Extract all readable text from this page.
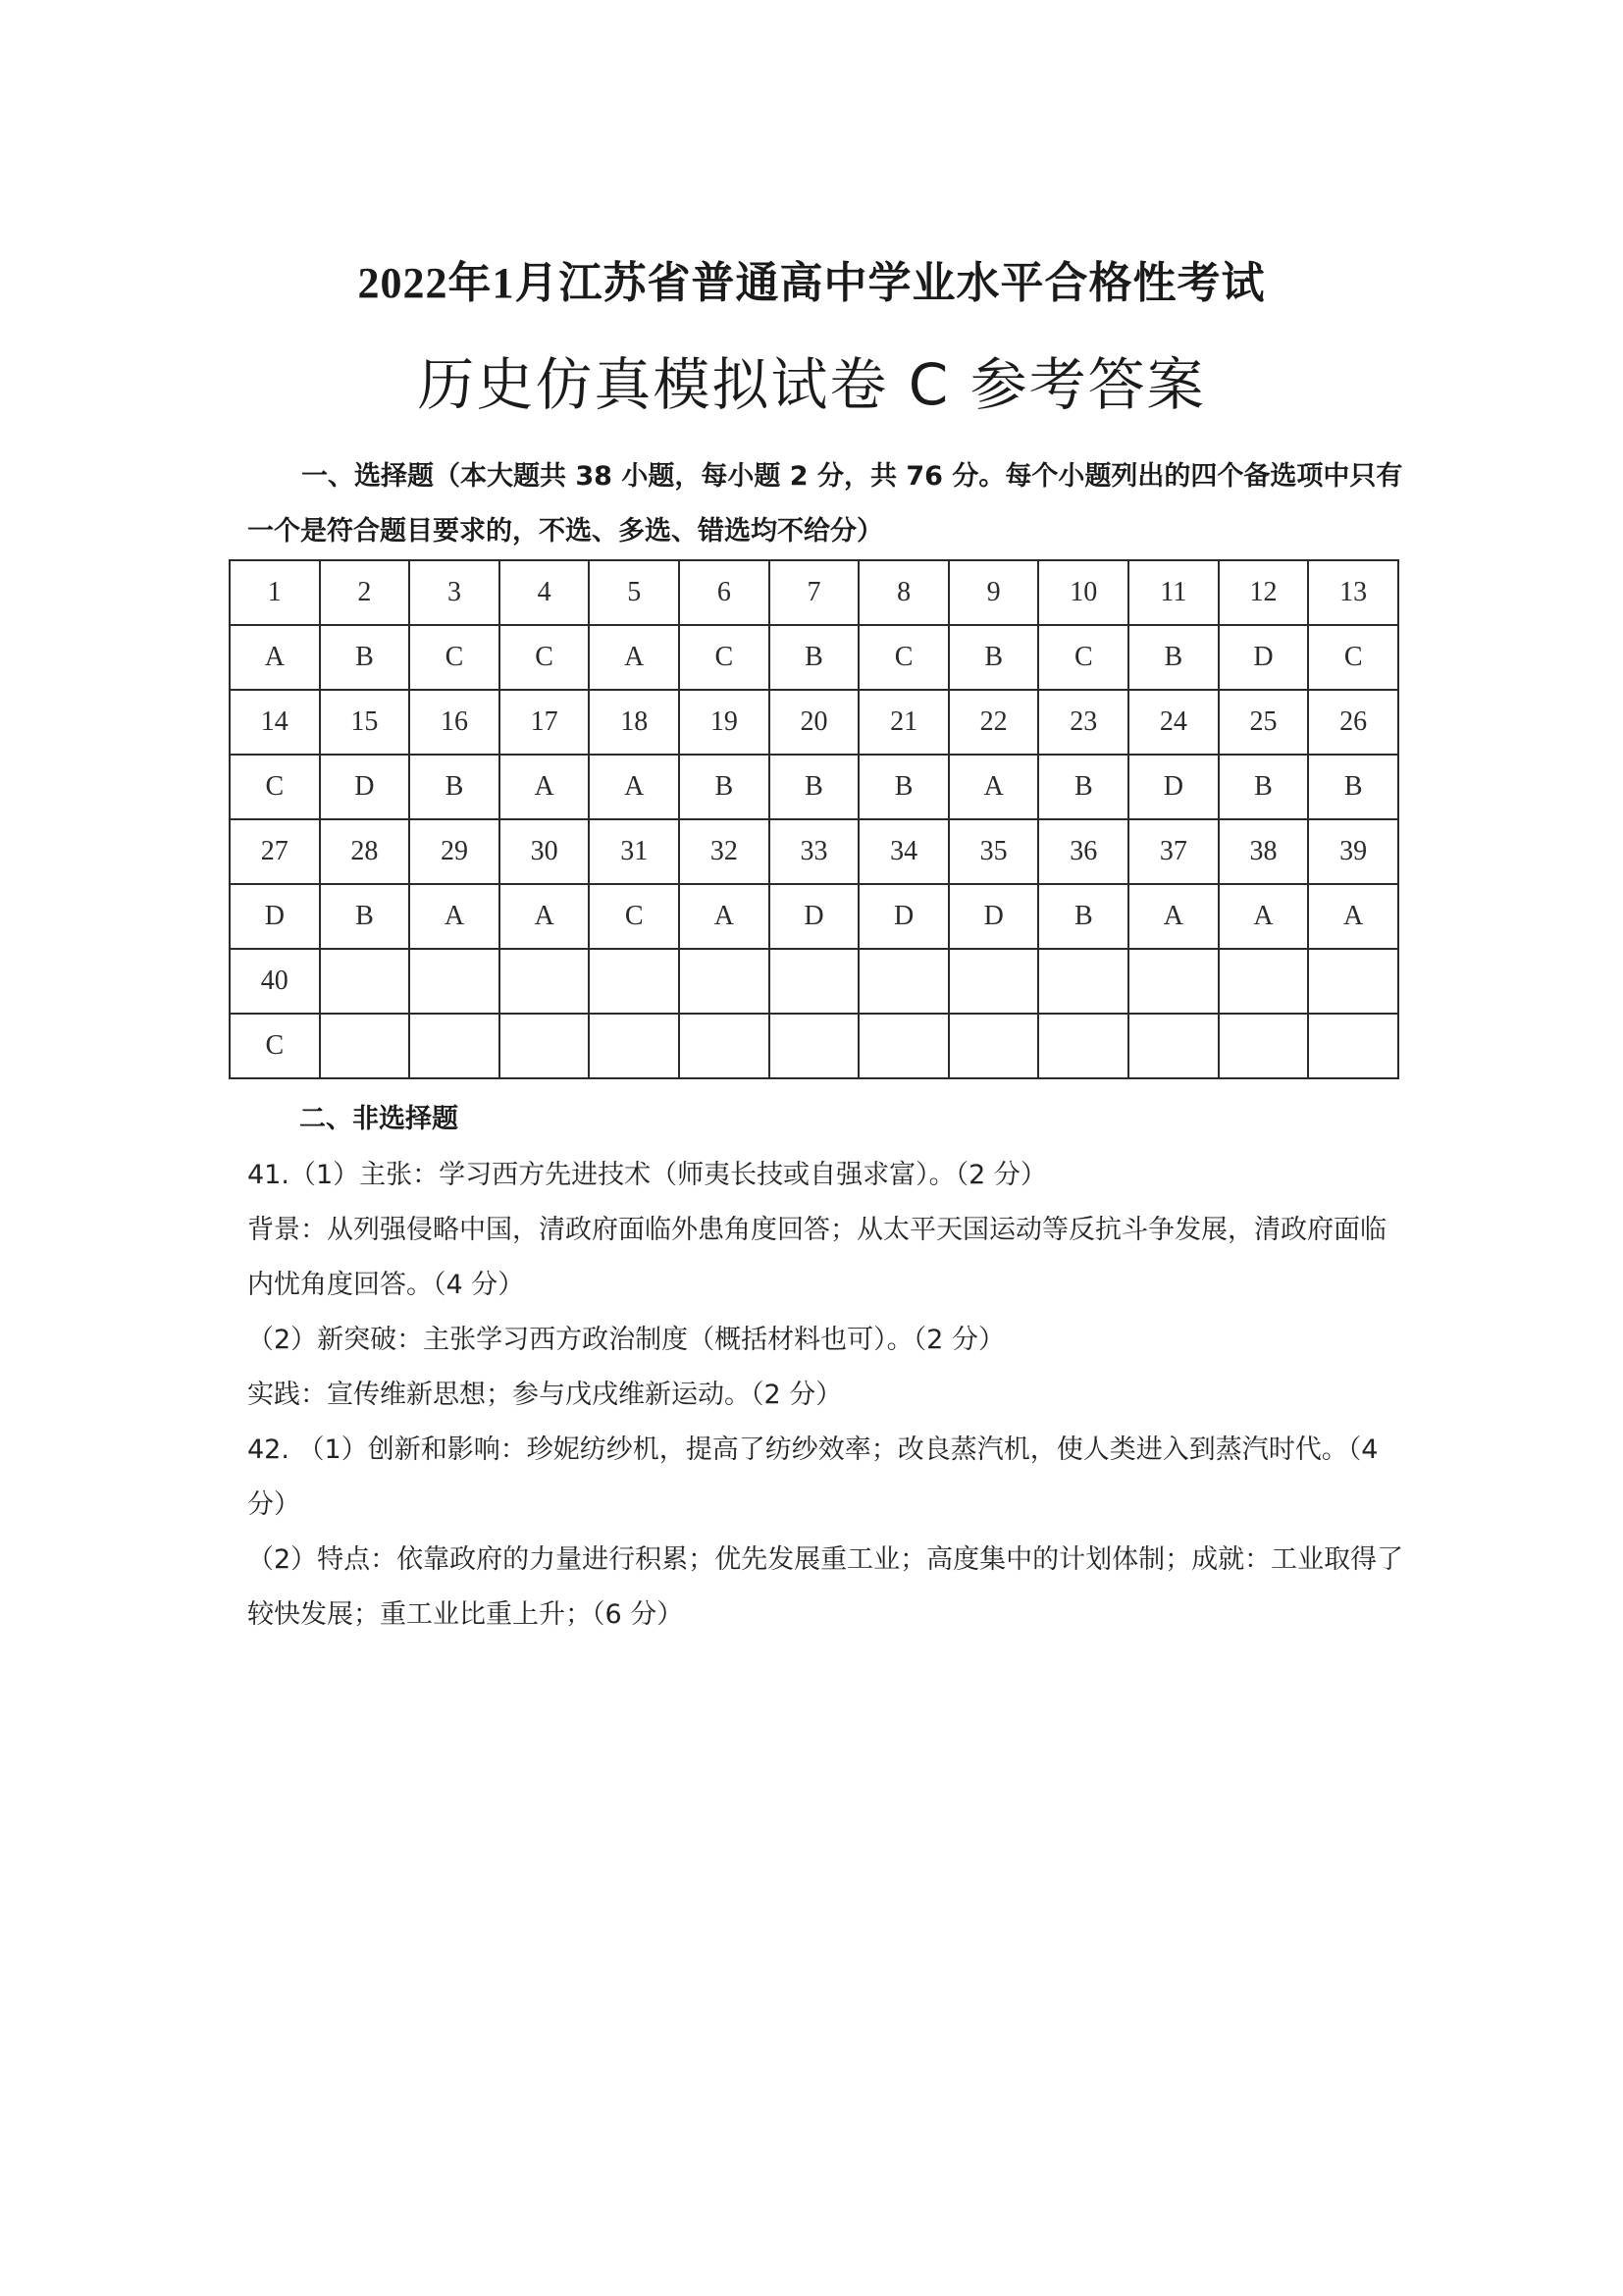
2022年1月江苏省普通高中学业水平合格性考试
历史仿真模拟试卷 C 参考答案
一、选择题（本大题共 38 小题，每小题 2 分，共 76 分。每个小题列出的四个备选项中只有一个是符合题目要求的，不选、多选、错选均不给分）
1	2	3	4	5	6	7	8	9	10	11	12	13
A	B	C	C	A	C	B	C	B	C	B	D	C
14	15	16	17	18	19	20	21	22	23	24	25	26
C	D	B	A	A	B	B	B	A	B	D	B	B
27	28	29	30	31	32	33	34	35	36	37	38	39
D	B	A	A	C	A	D	D	D	B	A	A	A
40												
C												
二、非选择题

41.（1）主张：学习西方先进技术（师夷长技或自强求富）。（2 分）

背景：从列强侵略中国，清政府面临外患角度回答；从太平天国运动等反抗斗争发展，清政府面临内忧角度回答。（4 分）

（2）新突破：主张学习西方政治制度（概括材料也可）。（2 分）

实践：宣传维新思想；参与戊戌维新运动。（2 分）

42. （1）创新和影响：珍妮纺纱机，提高了纺纱效率；改良蒸汽机，使人类进入到蒸汽时代。（4 分）

（2）特点：依靠政府的力量进行积累；优先发展重工业；高度集中的计划体制；成就：工业取得了较快发展；重工业比重上升；（6 分）
